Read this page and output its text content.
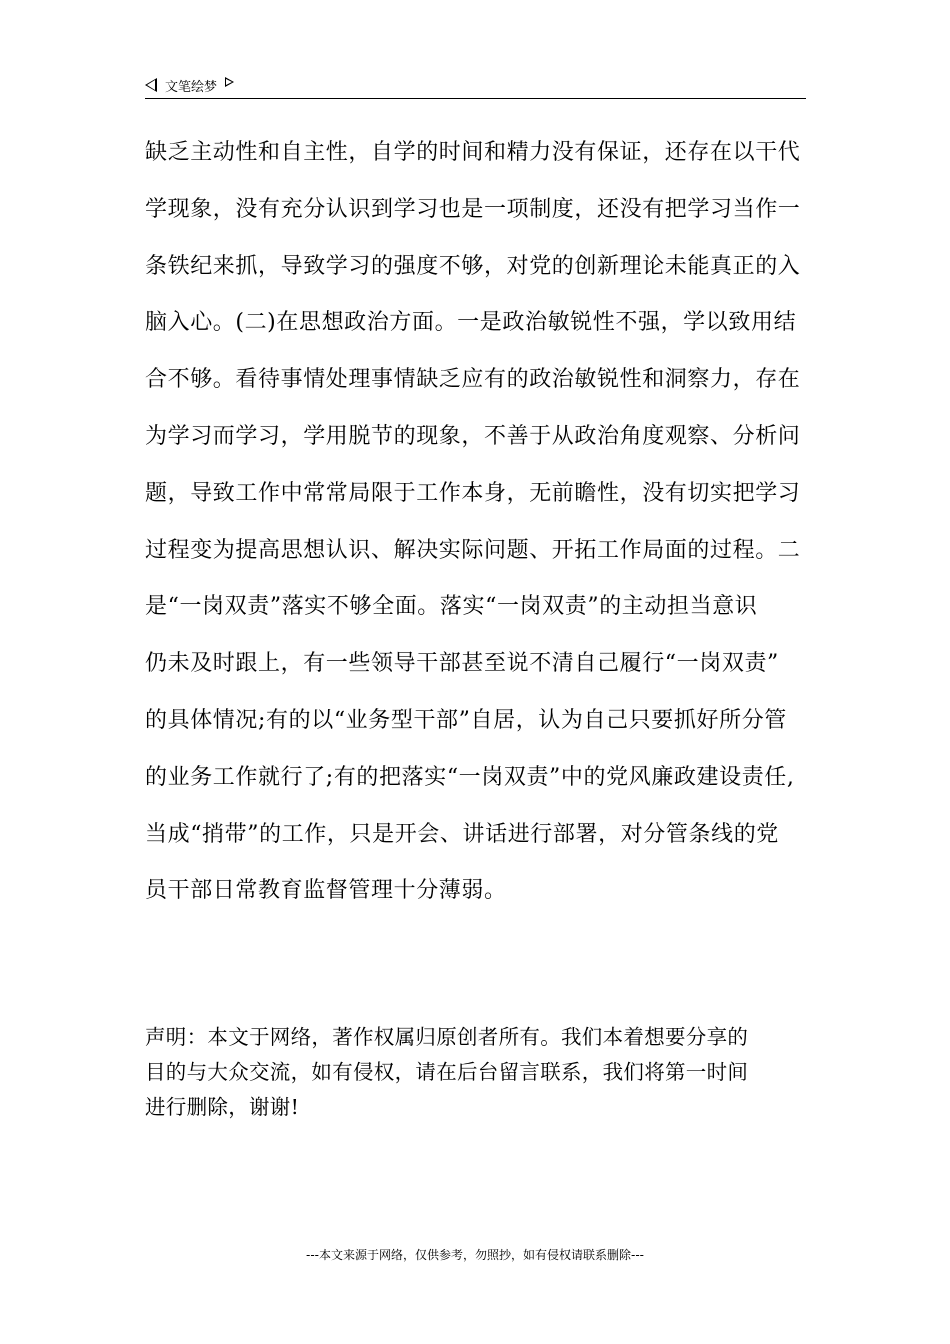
文笔绘梦
缺乏主动性和自主性，自学的时间和精力没有保证，还存在以干代
学现象，没有充分认识到学习也是一项制度，还没有把学习当作一
条铁纪来抓，导致学习的强度不够，对党的创新理论未能真正的入
脑入心。(二)在思想政治方面。一是政治敏锐性不强，学以致用结
合不够。看待事情处理事情缺乏应有的政治敏锐性和洞察力，存在
为学习而学习，学用脱节的现象，不善于从政治角度观察、分析问
题，导致工作中常常局限于工作本身，无前瞻性，没有切实把学习
过程变为提高思想认识、解决实际问题、开拓工作局面的过程。二
是“一岗双责”落实不够全面。落实“一岗双责”的主动担当意识
仍未及时跟上，有一些领导干部甚至说不清自己履行“一岗双责”
的具体情况;有的以“业务型干部”自居，认为自己只要抓好所分管
的业务工作就行了;有的把落实“一岗双责”中的党风廉政建设责任,
当成“捎带”的工作，只是开会、讲话进行部署，对分管条线的党
员干部日常教育监督管理十分薄弱。
声明：本文于网络，著作权属归原创者所有。我们本着想要分享的
目的与大众交流，如有侵权，请在后台留言联系，我们将第一时间
进行删除，谢谢!
---本文来源于网络，仅供参考，勿照抄，如有侵权请联系删除---
